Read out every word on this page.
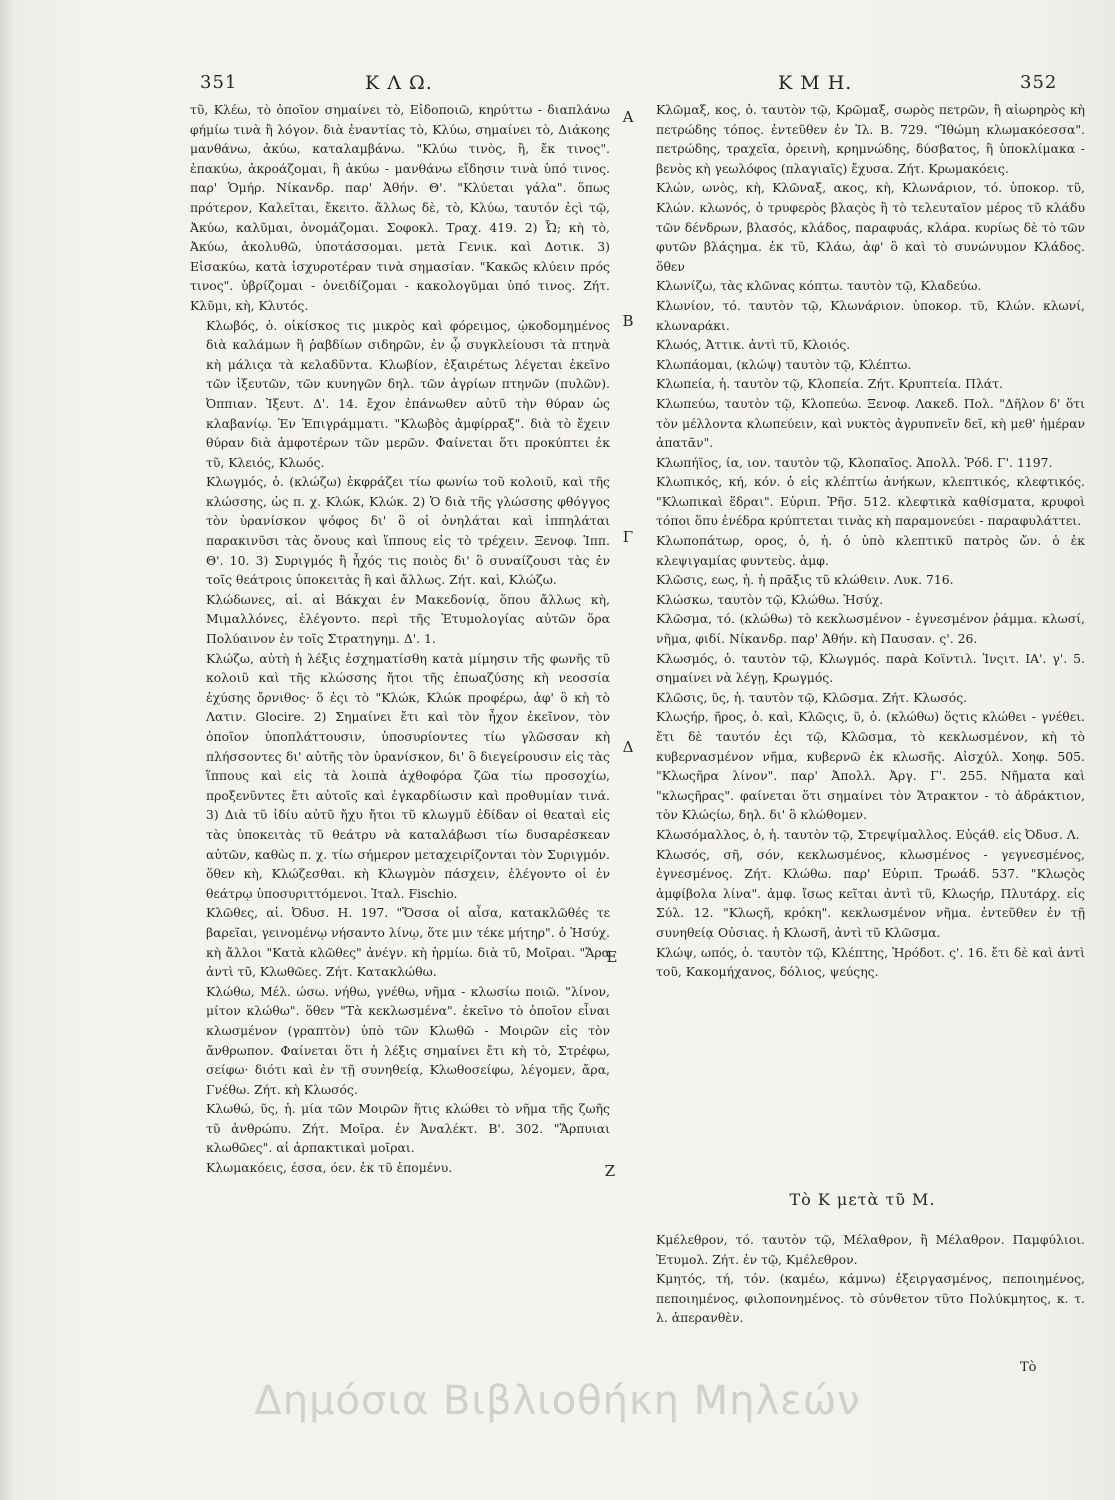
351	Κ Λ Ω.	Κ Μ Η.	352

τῦ, Κλέω, τὸ ὁποῖον σημαίνει τὸ, Εἰδοποιῶ, κηρύττω - διαπλάνω φήμίω τινὰ ἢ λόγον. διὰ ἐναντίας τὸ, Κλύω, σημαίνει τὸ, Διάκοης μανθάνω, ἀκύω, καταλαμβάνω. "Κλύω τινὸς, ἢ, ἔκ τινος". ἐπακύω, ἀκροάζομαι, ἢ ἀκύω - μανθάνω εἴδησιν τινὰ ὑπό τινος. παρ' Ὁμήρ. Νίκανδρ. παρ' Ἀθήν. Θ'. "Κλύεται γάλα". ὅπως πρότερον, Καλεῖται, ἔκειτο. ἄλλως δὲ, τὸ, Κλύω, ταυτόν ἐςὶ τῷ, Ἀκύω, καλῦμαι, ὀνομάζομαι. Σοφοκλ. Τραχ. 419. 2) Ὦ; κὴ τὸ, Ἀκύω, ἀκολυθῶ, ὑποτάσσομαι. μετὰ Γενικ. καὶ Δοτικ. 3) Εἰσακύω, κατὰ ἰσχυροτέραν τινὰ σημασίαν. "Κακῶς κλύειν πρός τινος". ὑβρίζομαι - ὀνειδίζομαι - κακολογῦμαι ὑπό τινος. Ζήτ. Κλῦμι, κὴ, Κλυτός.

Κλωβός, ὁ. οἰκίσκος τις μικρὸς καὶ φόρειμος, ᾠκοδομημένος διὰ καλάμων ἢ ῥαβδίων σιδηρῶν, ἐν ᾧ συγκλείουσι τὰ πτηνὰ κὴ μάλιςα τὰ κελαδῦντα. Κλωβίον, ἐξαιρέτως λέγεται ἐκεῖνο τῶν ἰξευτῶν, τῶν κυνηγῶν δηλ. τῶν ἀγρίων πτηνῶν (πυλῶν). Ὀππιαν. Ἰξευτ. Δ'. 14. ἔχον ἐπάνωθεν αὐτῦ τὴν θύραν ὡς κλαβανίῳ. Ἐν Ἐπιγράμματι. "Κλωβὸς ἀμφίρραξ". διὰ τὸ ἔχειν θύραν διὰ ἀμφοτέρων τῶν μερῶν. Φαίνεται ὅτι προκύπτει ἐκ τῦ, Κλειός, Κλωός.

Κλωγμός, ὁ. (κλώζω) ἐκφράζει τίω φωνίω τοῦ κολοιῦ, καὶ τῆς κλώσσης, ὡς π. χ. Κλώκ, Κλώκ. 2) Ὁ διὰ τῆς γλώσσης φθόγγος τὸν ὑρανίσκον ψόφος δι' ὃ οἱ ὀνηλάται καὶ ἱππηλάται παρακινῦσι τὰς ὄνους καὶ ἵππους εἰς τὸ τρέχειν. Ξενοφ. Ἱππ. Θ'. 10. 3) Συριγμός ἢ ἦχός τις ποιὸς δι' ὃ συναίζουσι τὰς ἐν τοῖς θεάτροις ὑποκειτὰς ἢ καὶ ἄλλως. Ζήτ. καὶ, Κλώζω.

Κλώδωνες, αἱ. αἱ Βάκχαι ἐν Μακεδονίᾳ, ὅπου ἄλλως κὴ, Μιμαλλόνες, ἐλέγοντο. περὶ τῆς Ἐτυμολογίας αὐτῶν ὅρα Πολύαινον ἐν τοῖς Στρατηγημ. Δ'. 1.

Κλώζω, αὐτὴ ἡ λέξις ἐσχηματίσθη κατὰ μίμησιν τῆς φωνῆς τῦ κολοιῦ καὶ τῆς κλώσσης ἤτοι τῆς ἐπωαζύσης κὴ νεοσσία ἐχύσης ὄρνιθος· ὅ ἐςι τὸ "Κλώκ, Κλώκ προφέρω, ἀφ' ὃ κὴ τὸ Λατιν. Glocire. 2) Σημαίνει ἔτι καὶ τὸν ἦχον ἐκεῖνον, τὸν ὁποῖον ὑποπλάττουσιν, ὑποσυρίοντες τίω γλῶσσαν κὴ πλήσσοντες δι' αὐτῆς τὸν ὑρανίσκον, δι' ὃ διεγείρουσιν εἰς τὰς ἵππους καὶ εἰς τὰ λοιπὰ ἀχθοφόρα ζῶα τίω προσοχίω, προξενῦντες ἔτι αὐτοῖς καὶ ἐγκαρδίωσιν καὶ προθυμίαν τινά. 3) Διὰ τῦ ἰδίυ αὐτῦ ἤχυ ἤτοι τῦ κλωγμῦ ἐδίδαν οἱ θεαταὶ εἰς τὰς ὑποκειτὰς τῦ θεάτρυ νὰ καταλάβωσι τίω δυσαρέσκεαν αὐτῶν, καθὼς π. χ. τίω σήμερον μεταχειρίζονται τὸν Συριγμόν. ὅθεν κὴ, Κλώζεσθαι. κὴ Κλωγμὸν πάσχειν, ἐλέγοντο οἱ ἐν θεάτρῳ ὑποσυριττόμενοι. Ἰταλ. Fischio.

Κλῶθες, αἱ. Ὀδυσ. Η. 197. "Ὅσσα οἱ αἶσα, κατακλῶθές τε βαρεῖαι, γεινομένῳ νήσαντο λίνῳ, ὅτε μιν τέκε μήτηρ". ὁ Ἡσύχ. κὴ ἄλλοι "Κατὰ κλῶθες" ἀνέγν. κὴ ἡρμίω. διὰ τῦ, Μοῖραι. "Ἄρα ἀντὶ τῦ, Κλωθῶες. Ζήτ. Κατακλώθω.

Κλώθω, Μέλ. ώσω. νήθω, γνέθω, νῆμα - κλωσίω ποιῶ. "λίνον, μίτον κλώθω". ὅθεν "Τὰ κεκλωσμένα". ἐκεῖνο τὸ ὁποῖον εἶναι κλωσμένον (γραπτὸν) ὑπὸ τῶν Κλωθῶ - Μοιρῶν εἰς τὸν ἄνθρωπον. Φαίνεται ὅτι ἡ λέξις σημαίνει ἔτι κὴ τὸ, Στρέφω, σείφω· διότι καὶ ἐν τῇ συνηθείᾳ, Κλωθοσείφω, λέγομεν, ἄρα, Γνέθω. Ζήτ. κὴ Κλωσός.

Κλωθώ, ῦς, ἡ. μία τῶν Μοιρῶν ἥτις κλώθει τὸ νῆμα τῆς ζωῆς τῦ ἀνθρώπυ. Ζήτ. Μοῖρα. ἐν Ἀναλέκτ. Β'. 302. "Ἅρπυιαι κλωθῶες". αἱ ἁρπακτικαὶ μοῖραι.

Κλωμακόεις, έσσα, όεν. ἐκ τῦ ἑπομένυ.

A
B
Γ
Δ
E
Z

Κλῶμαξ, κος, ὁ. ταυτὸν τῷ, Κρῶμαξ, σωρὸς πετρῶν, ἢ αἰωρηρὸς κὴ πετρώδης τόπος. ἐντεῦθεν ἐν Ἰλ. Β. 729. "Ἰθώμη κλωμακόεσσα". πετρώδης, τραχεῖα, ὀρεινὴ, κρημνώδης, δύσβατος, ἢ ὑποκλίμακα - βενὸς κὴ γεωλόφος (πλαγιαῖς) ἔχυσα. Ζήτ. Κρωμακόεις.

Κλών, ωνὸς, κὴ, Κλῶναξ, ακος, κὴ, Κλωνάριον, τό. ὑποκορ. τῦ, Κλών. κλωνός, ὁ τρυφερὸς βλαςὸς ἢ τὸ τελευταῖον μέρος τῦ κλάδυ τῶν δένδρων, βλασός, κλάδος, παραφυάς, κλάρα. κυρίως δὲ τὸ τῶν φυτῶν βλάςημα. ἐκ τῦ, Κλάω, ἀφ' ὃ καὶ τὸ συνώνυμον Κλάδος. ὅθεν

Κλωνίζω, τὰς κλῶνας κόπτω. ταυτὸν τῷ, Κλαδεύω.

Κλωνίον, τό. ταυτὸν τῷ, Κλωνάριον. ὑποκορ. τῦ, Κλών. κλωνί, κλωναράκι.

Κλωός, Ἀττικ. ἀντὶ τῦ, Κλοιός.

Κλωπάομαι, (κλώψ) ταυτὸν τῷ, Κλέπτω.

Κλωπεία, ἡ. ταυτὸν τῷ, Κλοπεία. Ζήτ. Κρυπτεία. Πλάτ.

Κλωπεύω, ταυτὸν τῷ, Κλοπεύω. Ξενοφ. Λακεδ. Πολ. "Δῆλον δ' ὅτι τὸν μέλλοντα κλωπεύειν, καὶ νυκτὸς ἀγρυπνεῖν δεῖ, κὴ μεθ' ἡμέραν ἀπατᾶν".

Κλωπήϊος, ία, ιον. ταυτὸν τῷ, Κλοπαῖος. Ἀπολλ. Ῥόδ. Γ'. 1197.

Κλωπικός, κή, κόν. ὁ εἰς κλέπτίω ἀνήκων, κλεπτικός, κλεφτικός. "Κλωπικαὶ ἕδραι". Εὐριπ. Ῥῆσ. 512. κλεφτικὰ καθίσματα, κρυφοὶ τόποι ὅπυ ἐνέδρα κρύπτεται τινὰς κὴ παραμονεύει - παραφυλάττει.

Κλωποπάτωρ, ορος, ὁ, ἡ. ὁ ὑπὸ κλεπτικῦ πατρὸς ὤν. ὁ ἐκ κλεψιγαμίας φυντεὺς. ἀμφ.

Κλῶσις, εως, ἡ. ἡ πρᾶξις τῦ κλώθειν. Λυκ. 716.

Κλώσκω, ταυτὸν τῷ, Κλώθω. Ἡσύχ.

Κλῶσμα, τό. (κλώθω) τὸ κεκλωσμένον - ἐγνεσμένον ῥάμμα. κλωσί, νῆμα, φιδί. Νίκανδρ. παρ' Ἀθήν. κὴ Παυσαν. ς'. 26.

Κλωσμός, ὁ. ταυτὸν τῷ, Κλωγμός. παρὰ Κοϊντιλ. Ἰνςιτ. ΙΑ'. γ'. 5. σημαίνει νὰ λέγῃ, Κρωγμός.

Κλῶσις, ῦς, ἡ. ταυτὸν τῷ, Κλῶσμα. Ζήτ. Κλωσός.

Κλωςήρ, ῆρος, ὁ. καὶ, Κλῶςις, ῦ, ὁ. (κλώθω) ὅςτις κλώθει - γνέθει. ἔτι δὲ ταυτόν ἐςι τῷ, Κλῶσμα, τὸ κεκλωσμένον, κὴ τὸ κυβερνασμένον νῆμα, κυβερνῶ ἐκ κλωσῆς. Αἰσχύλ. Χοηφ. 505. "Κλωςῆρα λίνον". παρ' Ἀπολλ. Ἀργ. Γ'. 255. Νῆματα καὶ "κλωςῆρας". φαίνεται ὅτι σημαίνει τὸν Ἄτρακτον - τὸ ἀδράκτιον, τὸν Κλώςίω, δηλ. δι' ὃ κλώθομεν.

Κλωσόμαλλος, ὁ, ἡ. ταυτὸν τῷ, Στρεψίμαλλος. Εὐςάθ. εἰς Ὀδυσ. Λ.

Κλωσός, σῆ, σόν, κεκλωσμένος, κλωσμένος - γεγνεσμένος, ἐγνεσμένος. Ζήτ. Κλώθω. παρ' Εὐριπ. Τρωάδ. 537. "Κλωςὸς ἀμφίβολα λίνα". ἀμφ. ἴσως κεῖται ἀντὶ τῦ, Κλωςήρ, Πλυτάρχ. εἰς Σύλ. 12. "Κλωςῆ, κρόκη". κεκλωσμένον νῆμα. ἐντεῦθεν ἐν τῇ συνηθείᾳ Οὐσιας. ἡ Κλωσῆ, ἀντὶ τῦ Κλῶσμα.

Κλώψ, ωπός, ὁ. ταυτὸν τῷ, Κλέπτης, Ἡρόδοτ. ς'. 16. ἔτι δὲ καὶ ἀντὶ τοῦ, Κακομήχανος, δόλιος, ψεύςης.

Τὸ Κ μετὰ τῦ Μ.

Κμέλεθρον, τό. ταυτὸν τῷ, Μέλαθρον, ἢ Μέλαθρον. Παμφύλιοι. Ἐτυμολ. Ζήτ. ἐν τῷ, Κμέλεθρον.

Κμητός, τή, τόν. (καμέω, κάμνω) ἐξειργασμένος, πεποιημένος, πεποιημένος, φιλοπονημένος. τὸ σύνθετον τῦτο Πολύκμητος, κ. τ. λ. ἀπερανθὲν.

Τὸ
Δημόσια Βιβλιοθήκη Μηλεών
